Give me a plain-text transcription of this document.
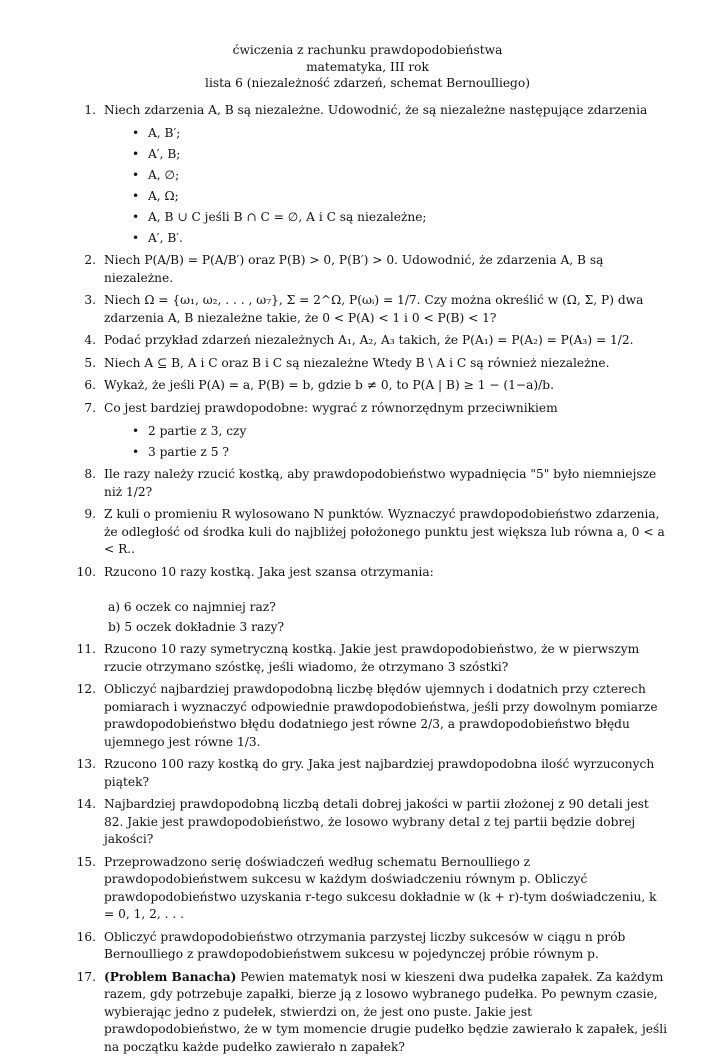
ćwiczenia z rachunku prawdopodobieństwa
matematyka, III rok
lista 6 (niezależność zdarzeń, schemat Bernoulliego)
1. Niech zdarzenia A, B są niezależne. Udowodnić, że są niezależne następujące zdarzenia
• A, B′;
• A′, B;
• A, ∅;
• A, Ω;
• A, B ∪ C jeśli B ∩ C = ∅, A i C są niezależne;
• A′, B′.
2. Niech P(A/B) = P(A/B′) oraz P(B) > 0, P(B′) > 0. Udowodnić, że zdarzenia A, B są niezależne.
3. Niech Ω = {ω₁, ω₂, . . . , ω₇}, Σ = 2^Ω, P(ωᵢ) = 1/7. Czy można określić w (Ω, Σ, P) dwa zdarzenia A, B niezależne takie, że 0 < P(A) < 1 i 0 < P(B) < 1?
4. Podać przykład zdarzeń niezależnych A₁, A₂, A₃ takich, że P(A₁) = P(A₂) = P(A₃) = 1/2.
5. Niech A ⊆ B, A i C oraz B i C są niezależne Wtedy B \ A i C są również niezależne.
6. Wykaż, że jeśli P(A) = a, P(B) = b, gdzie b ≠ 0, to P(A | B) ≥ 1 − (1−a)/b.
7. Co jest bardziej prawdopodobne: wygrać z równorzędnym przeciwnikiem
• 2 partie z 3, czy
• 3 partie z 5 ?
8. Ile razy należy rzucić kostką, aby prawdopodobieństwo wypadnięcia "5" było niemniejsze niż 1/2?
9. Z kuli o promieniu R wylosowano N punktów. Wyznaczyć prawdopodobieństwo zdarzenia, że odległość od środka kuli do najbliżej położonego punktu jest większa lub równa a, 0 < a < R..
10. Rzucono 10 razy kostką. Jaka jest szansa otrzymania:
a) 6 oczek co najmniej raz?
b) 5 oczek dokładnie 3 razy?
11. Rzucono 10 razy symetryczną kostką. Jakie jest prawdopodobieństwo, że w pierwszym rzucie otrzymano szóstkę, jeśli wiadomo, że otrzymano 3 szóstki?
12. Obliczyć najbardziej prawdopodobną liczbę błędów ujemnych i dodatnich przy czterech pomiarach i wyznaczyć odpowiednie prawdopodobieństwa, jeśli przy dowolnym pomiarze prawdopodobieństwo błędu dodatniego jest równe 2/3, a prawdopodobieństwo błędu ujemnego jest równe 1/3.
13. Rzucono 100 razy kostką do gry. Jaka jest najbardziej prawdopodobna ilość wyrzuconych piątek?
14. Najbardziej prawdopodobną liczbą detali dobrej jakości w partii złożonej z 90 detali jest 82. Jakie jest prawdopodobieństwo, że losowo wybrany detal z tej partii będzie dobrej jakości?
15. Przeprowadzono serię doświadczeń według schematu Bernoulliego z prawdopodobieństwem sukcesu w każdym doświadczeniu równym p. Obliczyć prawdopodobieństwo uzyskania r-tego sukcesu dokładnie w (k + r)-tym doświadczeniu, k = 0, 1, 2, . . .
16. Obliczyć prawdopodobieństwo otrzymania parzystej liczby sukcesów w ciągu n prób Bernoulliego z prawdopodobieństwem sukcesu w pojedynczej próbie równym p.
17. (Problem Banacha) Pewien matematyk nosi w kieszeni dwa pudełka zapałek. Za każdym razem, gdy potrzebuje zapałki, bierze ją z losowo wybranego pudełka. Po pewnym czasie, wybierając jedno z pudełek, stwierdzi on, że jest ono puste. Jakie jest prawdopodobieństwo, że w tym momencie drugie pudełko będzie zawierało k zapałek, jeśli na początku każde pudełko zawierało n zapałek?
